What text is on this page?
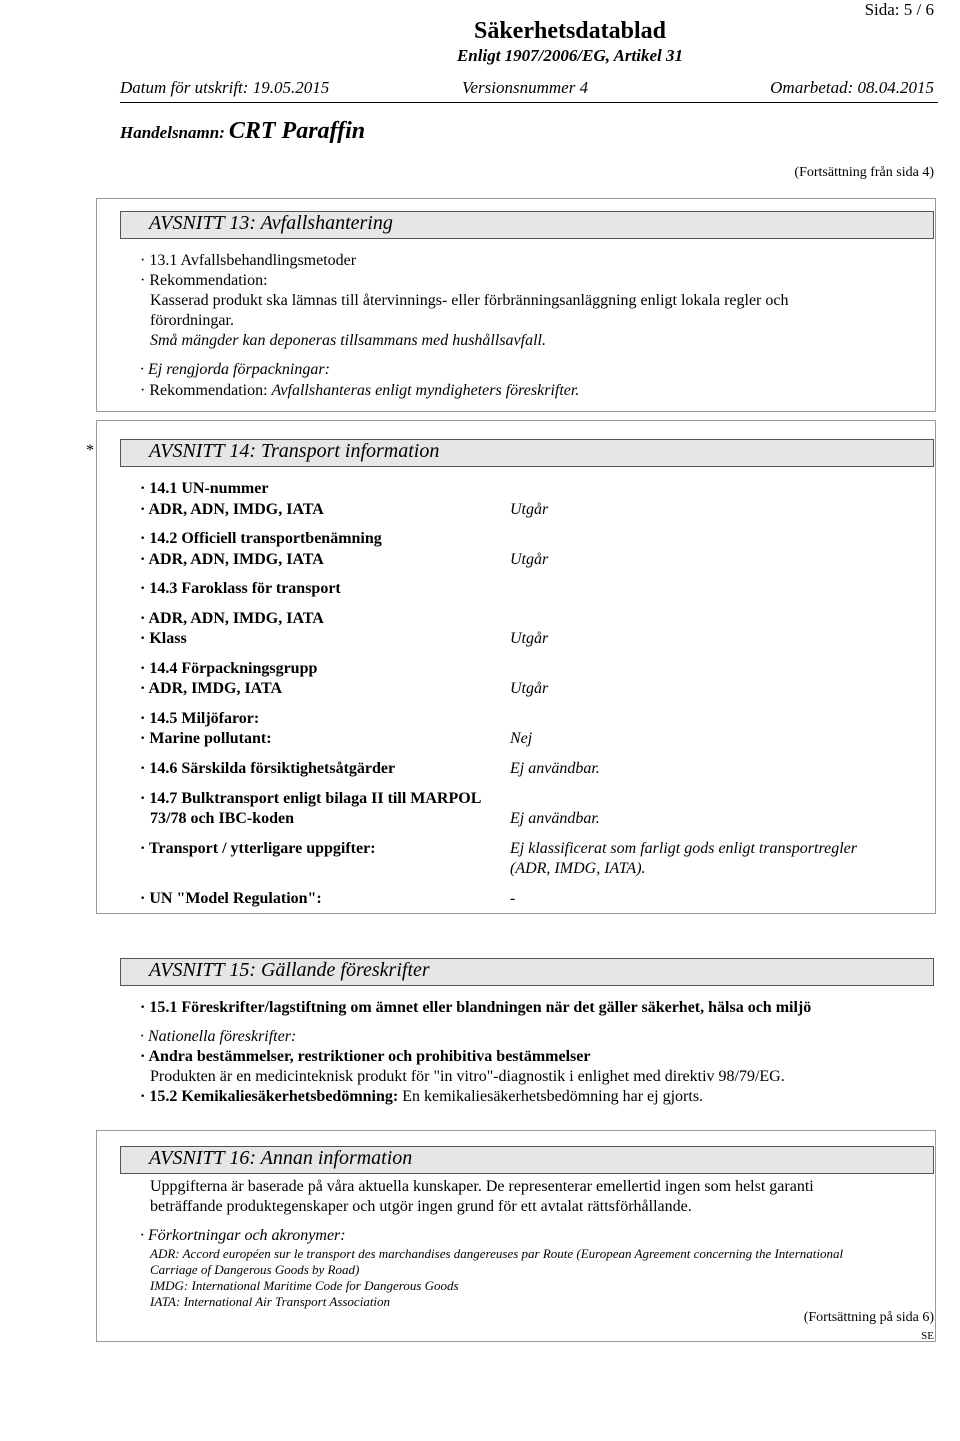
Sida: 5 / 6
Säkerhetsdatablad
Enligt 1907/2006/EG, Artikel 31
Datum för utskrift: 19.05.2015	Versionsnummer 4	Omarbetad: 08.04.2015
Handelsnamn: CRT Paraffin
(Fortsättning från sida 4)
AVSNITT 13: Avfallshantering
· 13.1 Avfallsbehandlingsmetoder
· Rekommendation:
Kasserad produkt ska lämnas till återvinnings- eller förbränningsanläggning enligt lokala regler och
förordningar.
Små mängder kan deponeras tillsammans med hushållsavfall.
· Ej rengjorda förpackningar:
· Rekommendation: Avfallshanteras enligt myndigheters föreskrifter.
*	AVSNITT 14: Transport information
· 14.1 UN-nummer
· ADR, ADN, IMDG, IATA	Utgår
· 14.2 Officiell transportbenämning
· ADR, ADN, IMDG, IATA	Utgår
· 14.3 Faroklass för transport
· ADR, ADN, IMDG, IATA
· Klass	Utgår
· 14.4 Förpackningsgrupp
· ADR, IMDG, IATA	Utgår
· 14.5 Miljöfaror:
· Marine pollutant:	Nej
· 14.6 Särskilda försiktighetsåtgärder	Ej användbar.
· 14.7 Bulktransport enligt bilaga II till MARPOL
73/78 och IBC-koden	Ej användbar.
· Transport / ytterligare uppgifter:	Ej klassificerat som farligt gods enligt transportregler
(ADR, IMDG, IATA).
· UN "Model Regulation":	-
AVSNITT 15: Gällande föreskrifter
· 15.1 Föreskrifter/lagstiftning om ämnet eller blandningen när det gäller säkerhet, hälsa och miljö
· Nationella föreskrifter:
· Andra bestämmelser, restriktioner och prohibitiva bestämmelser
Produkten är en medicinteknisk produkt för "in vitro"-diagnostik i enlighet med direktiv 98/79/EG.
· 15.2 Kemikaliesäkerhetsbedömning: En kemikaliesäkerhetsbedömning har ej gjorts.
AVSNITT 16: Annan information
Uppgifterna är baserade på våra aktuella kunskaper. De representerar emellertid ingen som helst garanti
beträffande produktegenskaper och utgör ingen grund för ett avtalat rättsförhållande.
· Förkortningar och akronymer:
ADR: Accord européen sur le transport des marchandises dangereuses par Route (European Agreement concerning the International
Carriage of Dangerous Goods by Road)
IMDG: International Maritime Code for Dangerous Goods
IATA: International Air Transport Association
(Fortsättning på sida 6)
SE
